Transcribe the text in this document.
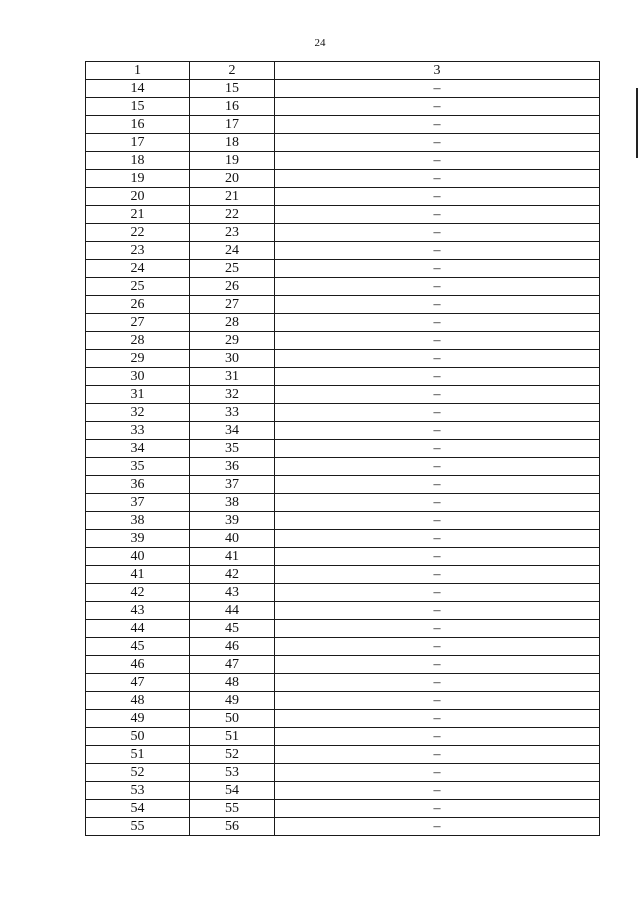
24
1	2	3
14	15	–
15	16	–
16	17	–
17	18	–
18	19	–
19	20	–
20	21	–
21	22	–
22	23	–
23	24	–
24	25	–
25	26	–
26	27	–
27	28	–
28	29	–
29	30	–
30	31	–
31	32	–
32	33	–
33	34	–
34	35	–
35	36	–
36	37	–
37	38	–
38	39	–
39	40	–
40	41	–
41	42	–
42	43	–
43	44	–
44	45	–
45	46	–
46	47	–
47	48	–
48	49	–
49	50	–
50	51	–
51	52	–
52	53	–
53	54	–
54	55	–
55	56	–
